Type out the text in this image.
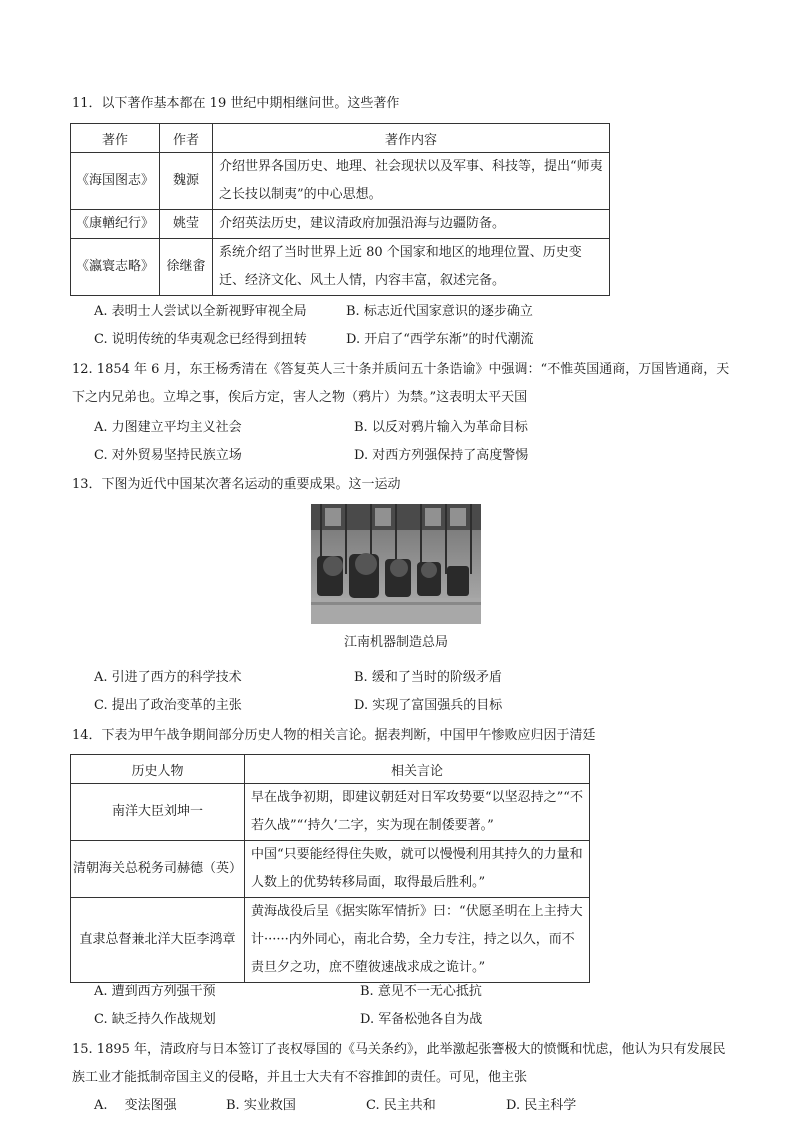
11．以下著作基本都在 19 世纪中期相继问世。这些著作
著作	作者	著作内容
《海国图志》	魏源	介绍世界各国历史、地理、社会现状以及军事、科技等，提出“师夷之长技以制夷”的中心思想。
《康輶纪行》	姚莹	介绍英法历史，建议清政府加强沿海与边疆防备。
《瀛寰志略》	徐继畬	系统介绍了当时世界上近 80 个国家和地区的地理位置、历史变迁、经济文化、风土人情，内容丰富，叙述完备。
A. 表明士人尝试以全新视野审视全局	B. 标志近代国家意识的逐步确立
C. 说明传统的华夷观念已经得到扭转	D. 开启了“西学东渐”的时代潮流
12. 1854 年 6 月，东王杨秀清在《答复英人三十条并质问五十条诰谕》中强调：“不惟英国通商，万国皆通商，天下之内兄弟也。立埠之事，俟后方定，害人之物（鸦片）为禁。”这表明太平天国
A. 力图建立平均主义社会	B. 以反对鸦片输入为革命目标
C. 对外贸易坚持民族立场	D. 对西方列强保持了高度警惕
13．下图为近代中国某次著名运动的重要成果。这一运动
江南机器制造总局
A. 引进了西方的科学技术	B. 缓和了当时的阶级矛盾
C. 提出了政治变革的主张	D. 实现了富国强兵的目标
14．下表为甲午战争期间部分历史人物的相关言论。据表判断，中国甲午惨败应归因于清廷
历史人物	相关言论
南洋大臣刘坤一	早在战争初期，即建议朝廷对日军攻势要“以坚忍持之”“不若久战”“‘持久’二字，实为现在制倭要著。”
清朝海关总税务司赫德（英）	中国“只要能经得住失败，就可以慢慢利用其持久的力量和人数上的优势转移局面，取得最后胜利。”
直隶总督兼北洋大臣李鸿章	黄海战役后呈《据实陈军情折》曰：“伏愿圣明在上主持大计······内外同心，南北合势，全力专注，持之以久，而不责旦夕之功，庶不堕彼速战求成之诡计。”
A. 遭到西方列强干预	B. 意见不一无心抵抗
C. 缺乏持久作战规划	D. 军备松弛各自为战
15. 1895 年，清政府与日本签订了丧权辱国的《马关条约》，此举激起张謇极大的愤慨和忧虑，他认为只有发展民族工业才能抵制帝国主义的侵略，并且士大夫有不容推卸的责任。可见，他主张
A.　 变法图强	B. 实业救国	C. 民主共和	D. 民主科学
